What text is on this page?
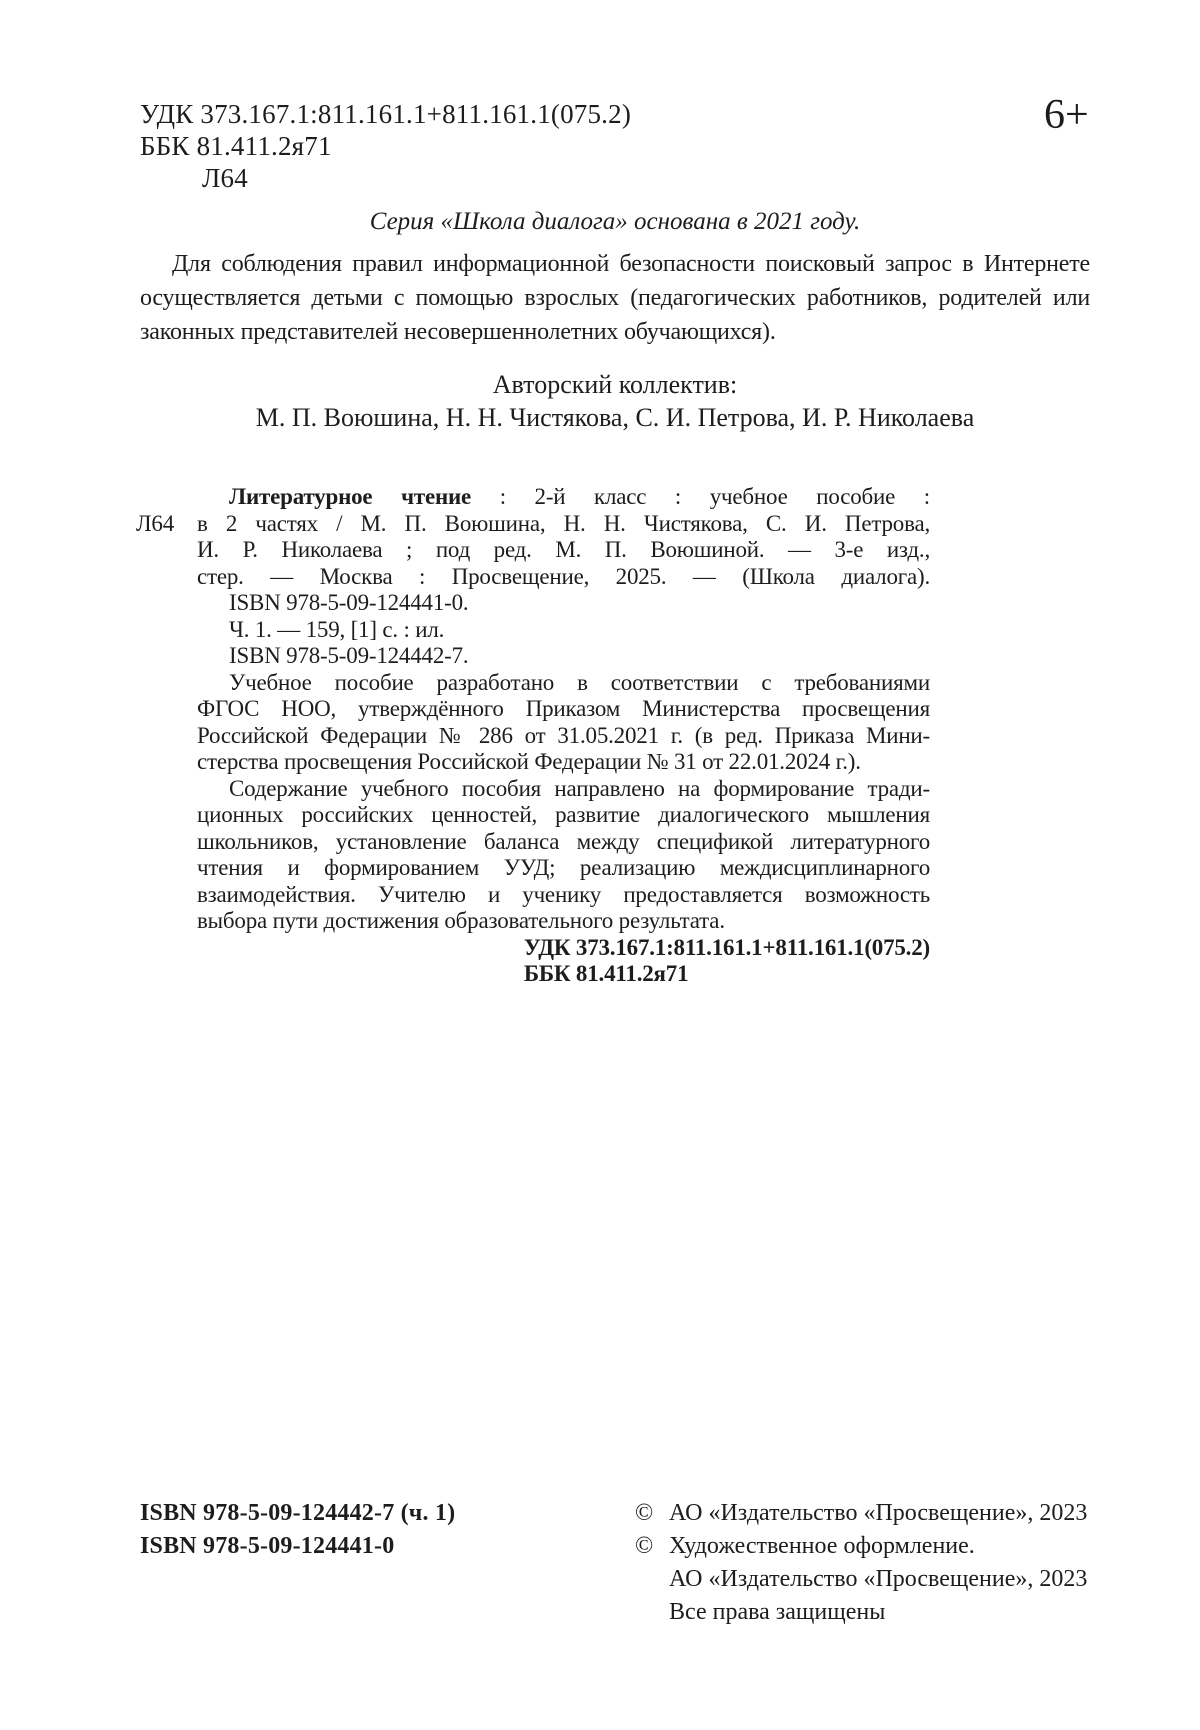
УДК 373.167.1:811.161.1+811.161.1(075.2)
ББК 81.411.2я71
Л64
6+
Серия «Школа диалога» основана в 2021 году.
Для соблюдения правил информационной безопасности поисковый запрос в Интернете
осуществляется детьми с помощью взрослых (педагогических работников, родителей или
законных представителей несовершеннолетних обучающихся).
Авторский коллектив:
М. П. Воюшина, Н. Н. Чистякова, С. И. Петрова, И. Р. Николаева
Л64
Литературное чтение : 2-й класс : учебное пособие :
в 2 частях / М. П. Воюшина, Н. Н. Чистякова, С. И. Петрова,
И. Р. Николаева ; под ред. М. П. Воюшиной. — 3-е изд.,
стер. — Москва : Просвещение, 2025. — (Школа диалога).
ISBN 978-5-09-124441-0.
Ч. 1. — 159, [1] с. : ил.
ISBN 978-5-09-124442-7.
Учебное пособие разработано в соответствии с требованиями
ФГОС НОО, утверждённого Приказом Министерства просвещения
Российской Федерации № 286 от 31.05.2021 г. (в ред. Приказа Мини-
стерства просвещения Российской Федерации № 31 от 22.01.2024 г.).
Содержание учебного пособия направлено на формирование тради-
ционных российских ценностей, развитие диалогического мышления
школьников, установление баланса между спецификой литературного
чтения и формированием УУД; реализацию междисциплинарного
взаимодействия. Учителю и ученику предоставляется возможность
выбора пути достижения образовательного результата.
УДК 373.167.1:811.161.1+811.161.1(075.2)
ББК 81.411.2я71
ISBN 978-5-09-124442-7 (ч. 1)
ISBN 978-5-09-124441-0
© АО «Издательство «Просвещение», 2023
© Художественное оформление.
АО «Издательство «Просвещение», 2023
Все права защищены
